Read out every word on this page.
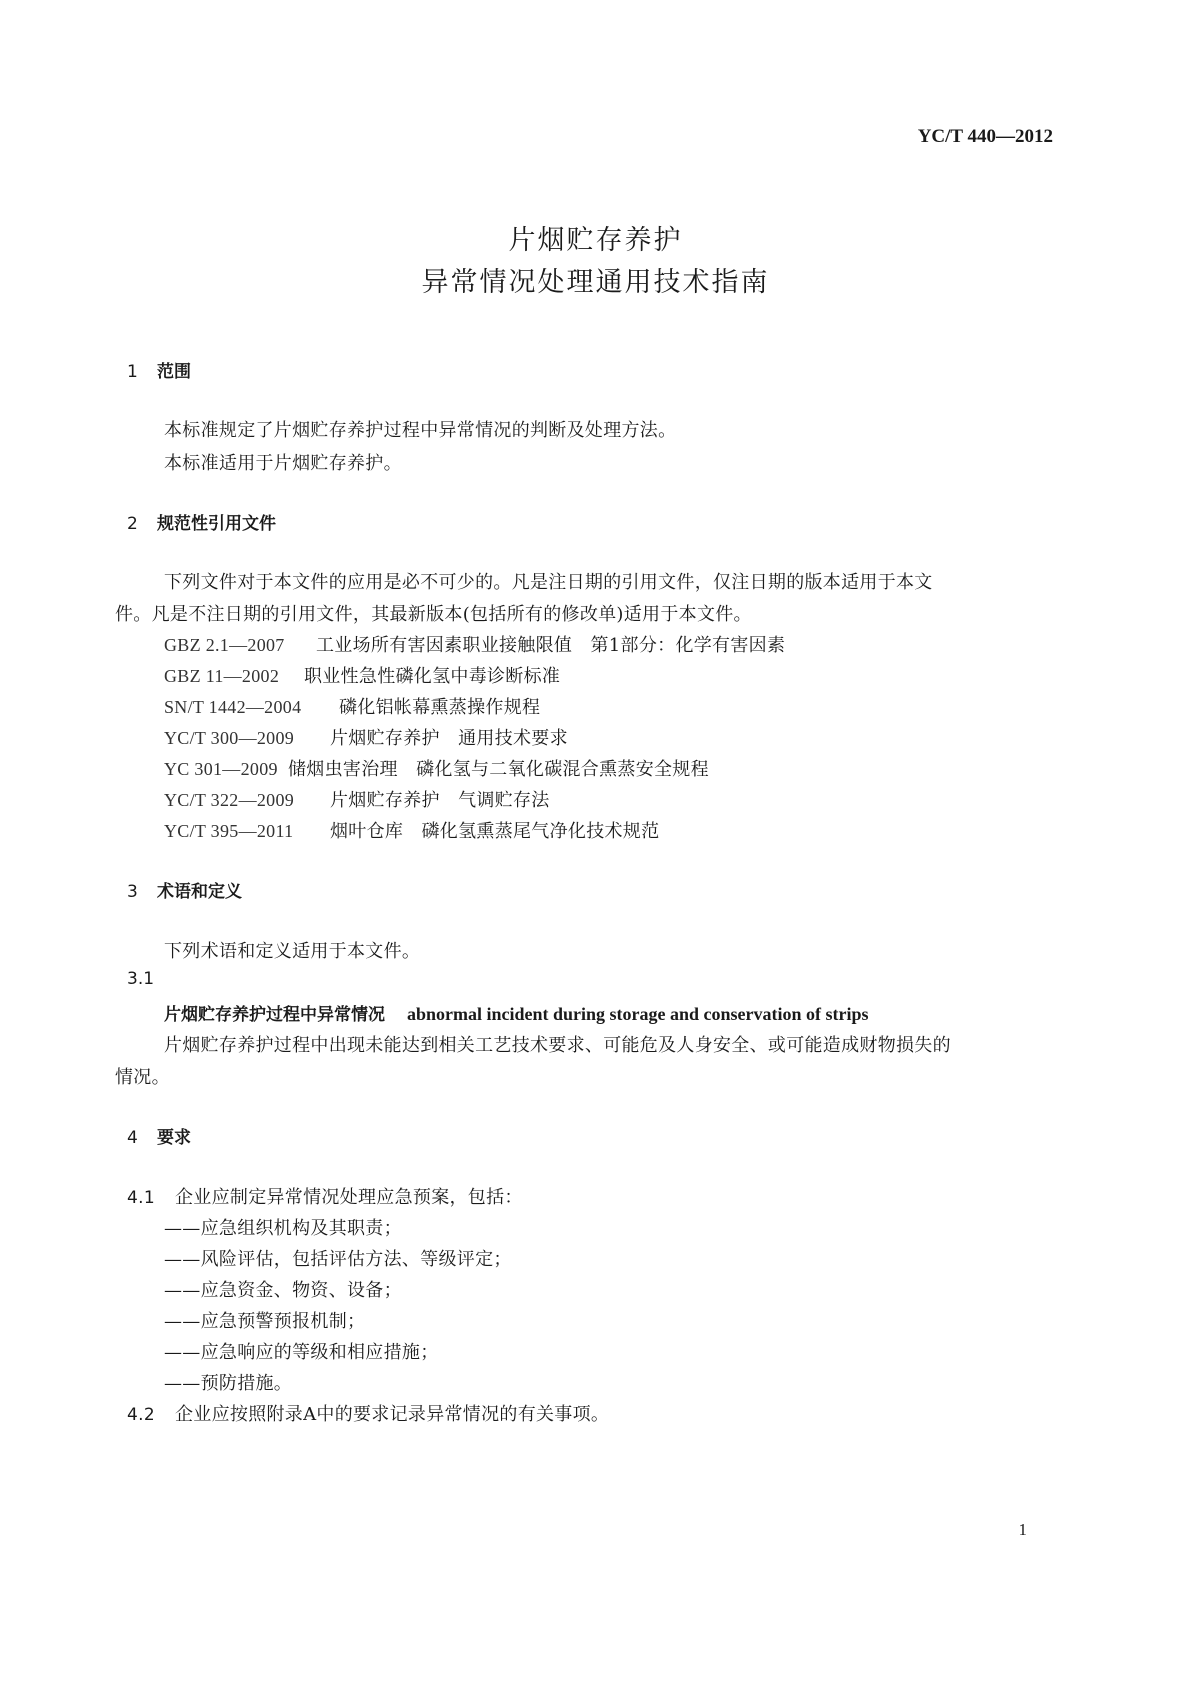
YC/T 440—2012
片烟贮存养护
异常情况处理通用技术指南
1 范围
本标准规定了片烟贮存养护过程中异常情况的判断及处理方法。
本标准适用于片烟贮存养护。
2 规范性引用文件
下列文件对于本文件的应用是必不可少的。凡是注日期的引用文件，仅注日期的版本适用于本文
件。凡是不注日期的引用文件，其最新版本(包括所有的修改单)适用于本文件。
GBZ 2.1—2007 工业场所有害因素职业接触限值　第1部分：化学有害因素
GBZ 11—2002 职业性急性磷化氢中毒诊断标准
SN/T 1442—2004 磷化铝帐幕熏蒸操作规程
YC/T 300—2009 片烟贮存养护　通用技术要求
YC 301—2009 储烟虫害治理　磷化氢与二氧化碳混合熏蒸安全规程
YC/T 322—2009 片烟贮存养护　气调贮存法
YC/T 395—2011 烟叶仓库　磷化氢熏蒸尾气净化技术规范
3 术语和定义
下列术语和定义适用于本文件。
3.1
片烟贮存养护过程中异常情况 abnormal incident during storage and conservation of strips
片烟贮存养护过程中出现未能达到相关工艺技术要求、可能危及人身安全、或可能造成财物损失的
情况。
4 要求
4.1 企业应制定异常情况处理应急预案，包括：
——应急组织机构及其职责；
——风险评估，包括评估方法、等级评定；
——应急资金、物资、设备；
——应急预警预报机制；
——应急响应的等级和相应措施；
——预防措施。
4.2 企业应按照附录A中的要求记录异常情况的有关事项。
1
